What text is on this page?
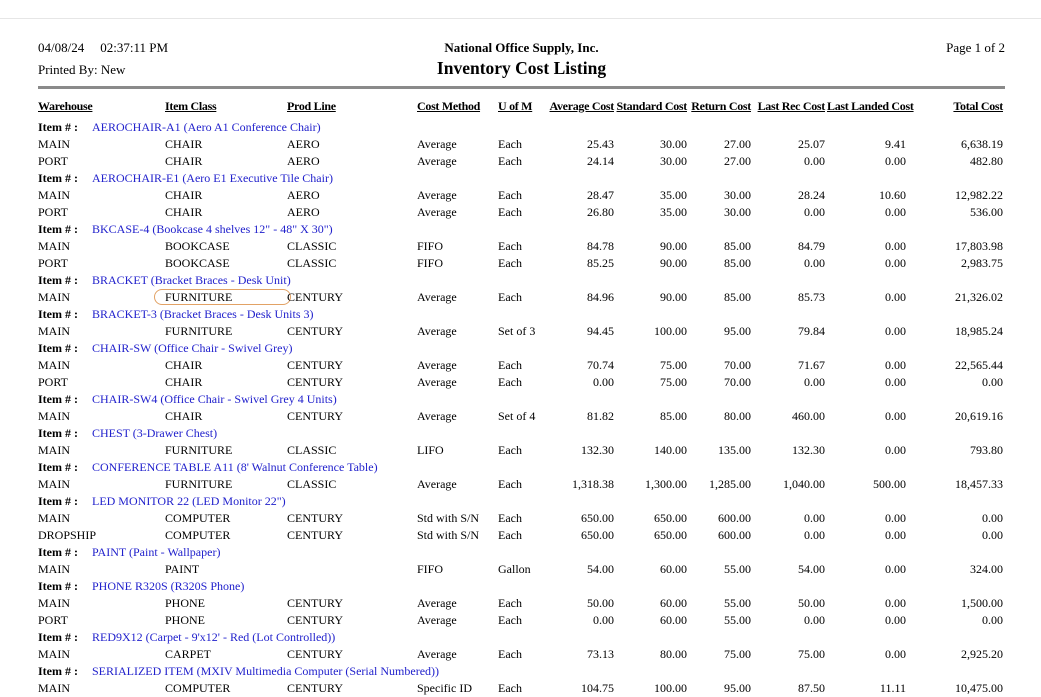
04/08/24 02:37:11 PM	National Office Supply, Inc.	Page 1 of 2
Printed By: New	Inventory Cost Listing
Warehouse	Item Class	Prod Line	Cost Method	U of M	Average Cost	Standard Cost	Return Cost	Last Rec Cost	Last Landed Cost	Total Cost
Item # : AEROCHAIR-A1 (Aero A1 Conference Chair)										
MAIN	CHAIR	AERO	Average	Each	25.43	30.00	27.00	25.07	9.41	6,638.19
PORT	CHAIR	AERO	Average	Each	24.14	30.00	27.00	0.00	0.00	482.80
Item # : AEROCHAIR-E1 (Aero E1 Executive Tile Chair)										
MAIN	CHAIR	AERO	Average	Each	28.47	35.00	30.00	28.24	10.60	12,982.22
PORT	CHAIR	AERO	Average	Each	26.80	35.00	30.00	0.00	0.00	536.00
Item # : BKCASE-4 (Bookcase 4 shelves 12" - 48" X 30")										
MAIN	BOOKCASE	CLASSIC	FIFO	Each	84.78	90.00	85.00	84.79	0.00	17,803.98
PORT	BOOKCASE	CLASSIC	FIFO	Each	85.25	90.00	85.00	0.00	0.00	2,983.75
Item # : BRACKET (Bracket Braces - Desk Unit)										
MAIN	FURNITURE	CENTURY	Average	Each	84.96	90.00	85.00	85.73	0.00	21,326.02
Item # : BRACKET-3 (Bracket Braces - Desk Units 3)										
MAIN	FURNITURE	CENTURY	Average	Set of 3	94.45	100.00	95.00	79.84	0.00	18,985.24
Item # : CHAIR-SW (Office Chair - Swivel Grey)										
MAIN	CHAIR	CENTURY	Average	Each	70.74	75.00	70.00	71.67	0.00	22,565.44
PORT	CHAIR	CENTURY	Average	Each	0.00	75.00	70.00	0.00	0.00	0.00
Item # : CHAIR-SW4 (Office Chair - Swivel Grey 4 Units)										
MAIN	CHAIR	CENTURY	Average	Set of 4	81.82	85.00	80.00	460.00	0.00	20,619.16
Item # : CHEST (3-Drawer Chest)										
MAIN	FURNITURE	CLASSIC	LIFO	Each	132.30	140.00	135.00	132.30	0.00	793.80
Item # : CONFERENCE TABLE A11 (8' Walnut Conference Table)										
MAIN	FURNITURE	CLASSIC	Average	Each	1,318.38	1,300.00	1,285.00	1,040.00	500.00	18,457.33
Item # : LED MONITOR 22 (LED Monitor 22")										
MAIN	COMPUTER	CENTURY	Std with S/N	Each	650.00	650.00	600.00	0.00	0.00	0.00
DROPSHIP	COMPUTER	CENTURY	Std with S/N	Each	650.00	650.00	600.00	0.00	0.00	0.00
Item # : PAINT (Paint - Wallpaper)										
MAIN	PAINT		FIFO	Gallon	54.00	60.00	55.00	54.00	0.00	324.00
Item # : PHONE R320S (R320S Phone)										
MAIN	PHONE	CENTURY	Average	Each	50.00	60.00	55.00	50.00	0.00	1,500.00
PORT	PHONE	CENTURY	Average	Each	0.00	60.00	55.00	0.00	0.00	0.00
Item # : RED9X12 (Carpet - 9'x12' - Red (Lot Controlled))										
MAIN	CARPET	CENTURY	Average	Each	73.13	80.00	75.00	75.00	0.00	2,925.20
Item # : SERIALIZED ITEM (MXIV Multimedia Computer (Serial Numbered))										
MAIN	COMPUTER	CENTURY	Specific ID	Each	104.75	100.00	95.00	87.50	11.11	10,475.00
